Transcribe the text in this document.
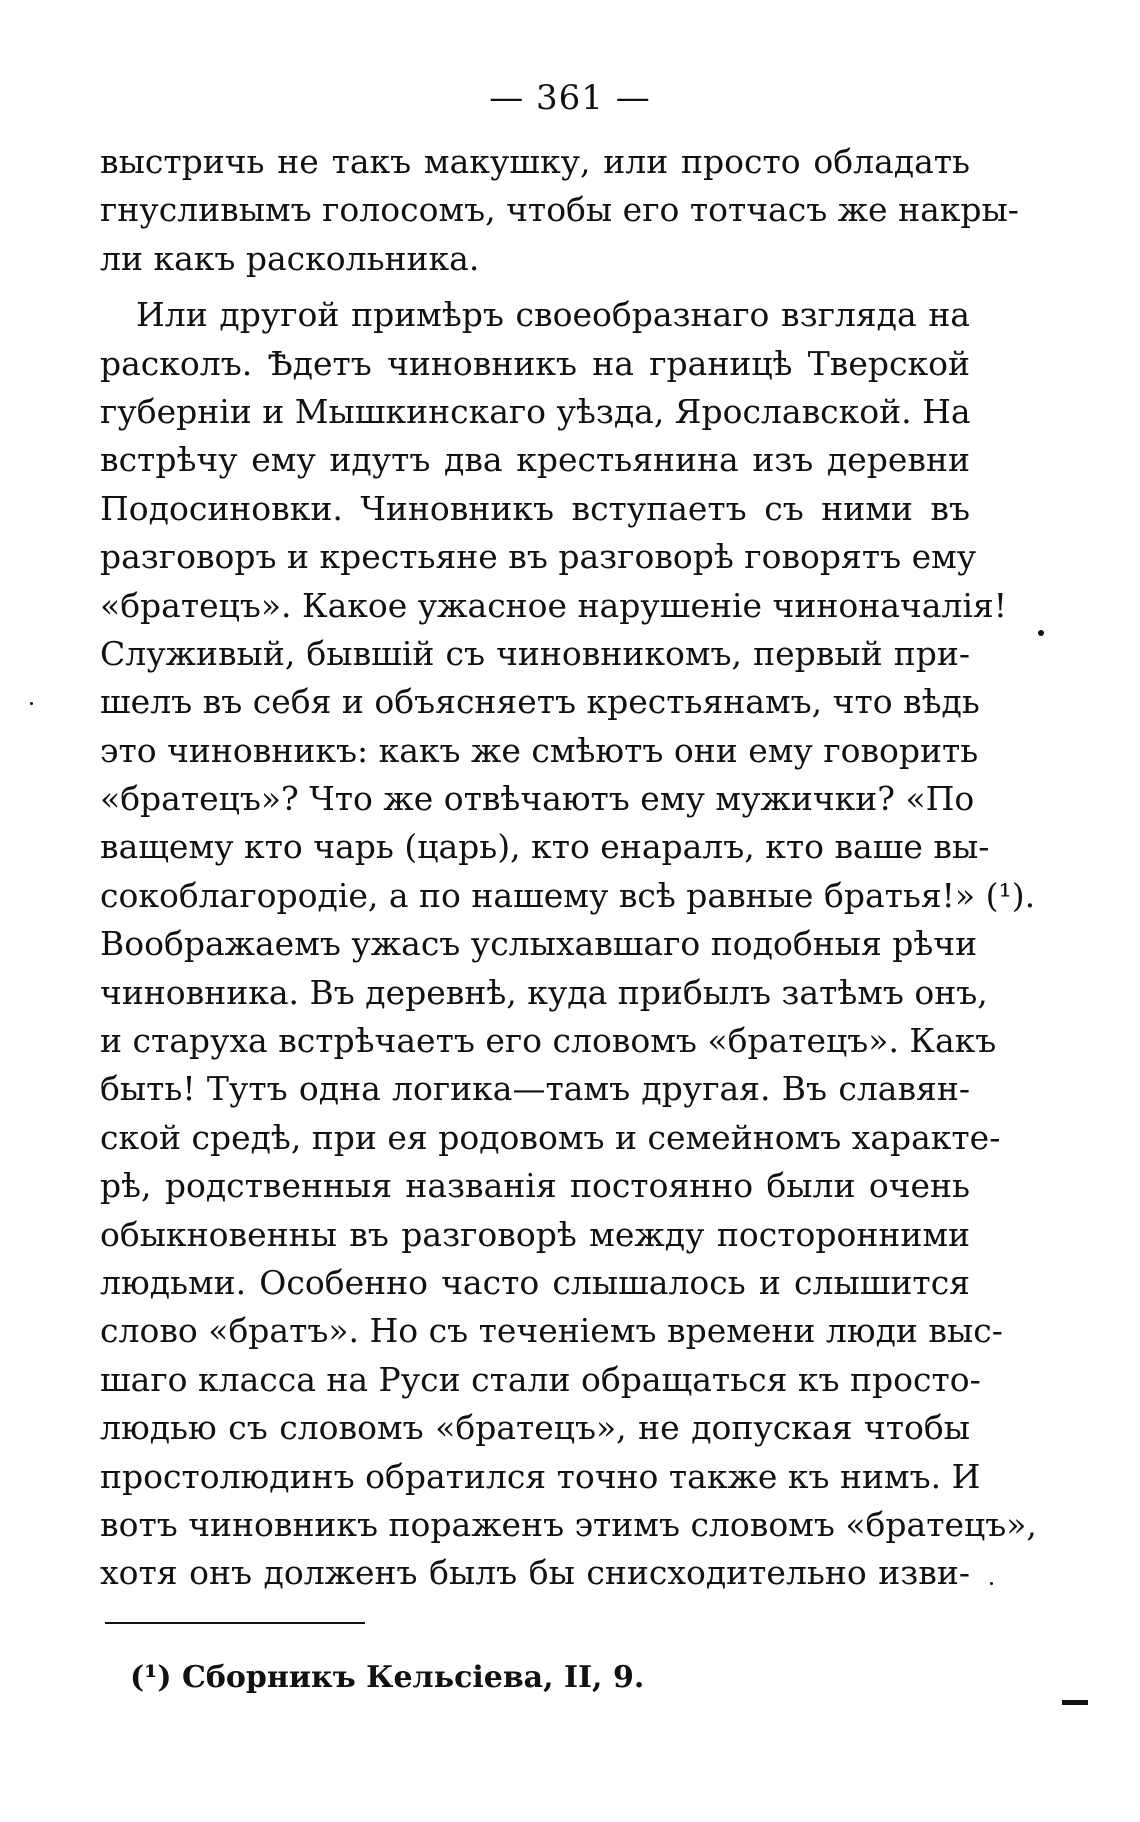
— 361 —
выстричь не такъ макушку, или просто обладать
гнусливымъ голосомъ, чтобы его тотчасъ же накры-
ли какъ раскольника.
Или другой примѣръ своеобразнаго взгляда на
расколъ. Ѣдетъ чиновникъ на границѣ Тверской
губерніи и Мышкинскаго уѣзда, Ярославской. На
встрѣчу ему идутъ два крестьянина изъ деревни
Подосиновки. Чиновникъ вступаетъ съ ними въ
разговоръ и крестьяне въ разговорѣ говорятъ ему
«братецъ». Какое ужасное нарушеніе чиноначалія!
Служивый, бывшій съ чиновникомъ, первый при-
шелъ въ себя и объясняетъ крестьянамъ, что вѣдь
это чиновникъ: какъ же смѣютъ они ему говорить
«братецъ»? Что же отвѣчаютъ ему мужички? «По
ващему кто чарь (царь), кто енаралъ, кто ваше вы-
сокоблагородіе, а по нашему всѣ равные братья!» (¹).
Воображаемъ ужасъ услыхавшаго подобныя рѣчи
чиновника. Въ деревнѣ, куда прибылъ затѣмъ онъ,
и старуха встрѣчаетъ его словомъ «братецъ». Какъ
быть! Тутъ одна логика—тамъ другая. Въ славян-
ской средѣ, при ея родовомъ и семейномъ характе-
рѣ, родственныя названія постоянно были очень
обыкновенны въ разговорѣ между посторонними
людьми. Особенно часто слышалось и слышится
слово «братъ». Но съ теченіемъ времени люди выс-
шаго класса на Руси стали обращаться къ просто-
людью съ словомъ «братецъ», не допуская чтобы
простолюдинъ обратился точно также къ нимъ. И
вотъ чиновникъ пораженъ этимъ словомъ «братецъ»,
хотя онъ долженъ былъ бы снисходительно изви-
(¹) Сборникъ Кельсіева, II, 9.
